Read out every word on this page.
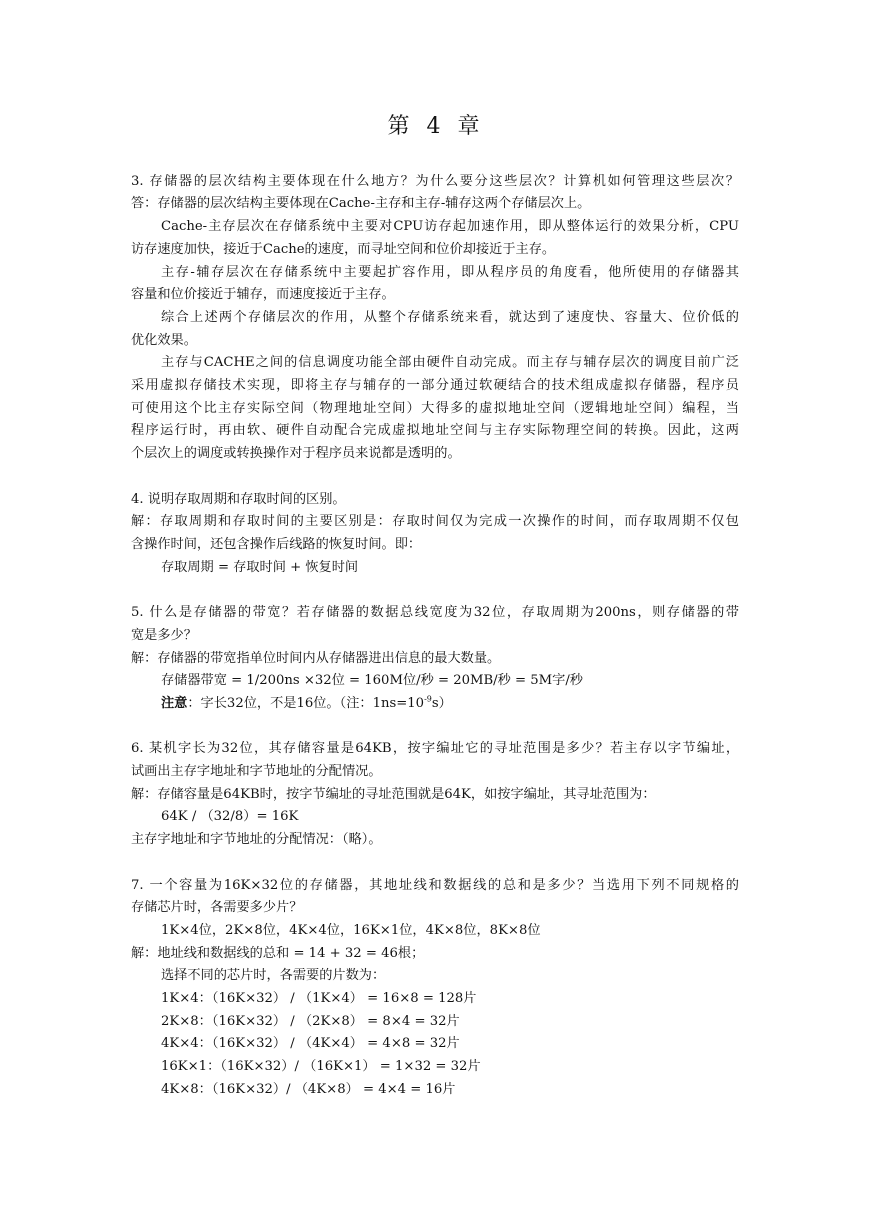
第 4 章
3. 存储器的层次结构主要体现在什么地方？为什么要分这些层次？计算机如何管理这些层次？
答：存储器的层次结构主要体现在Cache-主存和主存-辅存这两个存储层次上。
Cache-主存层次在存储系统中主要对CPU访存起加速作用，即从整体运行的效果分析，CPU
访存速度加快，接近于Cache的速度，而寻址空间和位价却接近于主存。
主存-辅存层次在存储系统中主要起扩容作用，即从程序员的角度看，他所使用的存储器其
容量和位价接近于辅存，而速度接近于主存。
综合上述两个存储层次的作用，从整个存储系统来看，就达到了速度快、容量大、位价低的
优化效果。
主存与CACHE之间的信息调度功能全部由硬件自动完成。而主存与辅存层次的调度目前广泛
采用虚拟存储技术实现，即将主存与辅存的一部分通过软硬结合的技术组成虚拟存储器，程序员
可使用这个比主存实际空间（物理地址空间）大得多的虚拟地址空间（逻辑地址空间）编程，当
程序运行时，再由软、硬件自动配合完成虚拟地址空间与主存实际物理空间的转换。因此，这两
个层次上的调度或转换操作对于程序员来说都是透明的。
4. 说明存取周期和存取时间的区别。
解：存取周期和存取时间的主要区别是：存取时间仅为完成一次操作的时间，而存取周期不仅包
含操作时间，还包含操作后线路的恢复时间。即：
存取周期 = 存取时间 + 恢复时间
5. 什么是存储器的带宽？若存储器的数据总线宽度为32位，存取周期为200ns，则存储器的带
宽是多少？
解：存储器的带宽指单位时间内从存储器进出信息的最大数量。
存储器带宽 = 1/200ns ×32位 = 160M位/秒 = 20MB/秒 = 5M字/秒
注意：字长32位，不是16位。（注：$1ns=10^{-9}s$）
6. 某机字长为32位，其存储容量是64KB，按字编址它的寻址范围是多少？若主存以字节编址，
试画出主存字地址和字节地址的分配情况。
解：存储容量是64KB时，按字节编址的寻址范围就是64K，如按字编址，其寻址范围为：
64K / （32/8）= 16K
主存字地址和字节地址的分配情况：（略）。
7. 一个容量为16K×32位的存储器，其地址线和数据线的总和是多少？当选用下列不同规格的
存储芯片时，各需要多少片？
1K×4位，2K×8位，4K×4位，16K×1位，4K×8位，8K×8位
解：地址线和数据线的总和 = 14 + 32 = 46根；
选择不同的芯片时，各需要的片数为：
1K×4：（16K×32） / （1K×4） = 16×8 = 128片
2K×8：（16K×32） / （2K×8） = 8×4 = 32片
4K×4：（16K×32） / （4K×4） = 4×8 = 32片
16K×1：（16K×32）/ （16K×1） = 1×32 = 32片
4K×8：（16K×32）/ （4K×8） = 4×4 = 16片
